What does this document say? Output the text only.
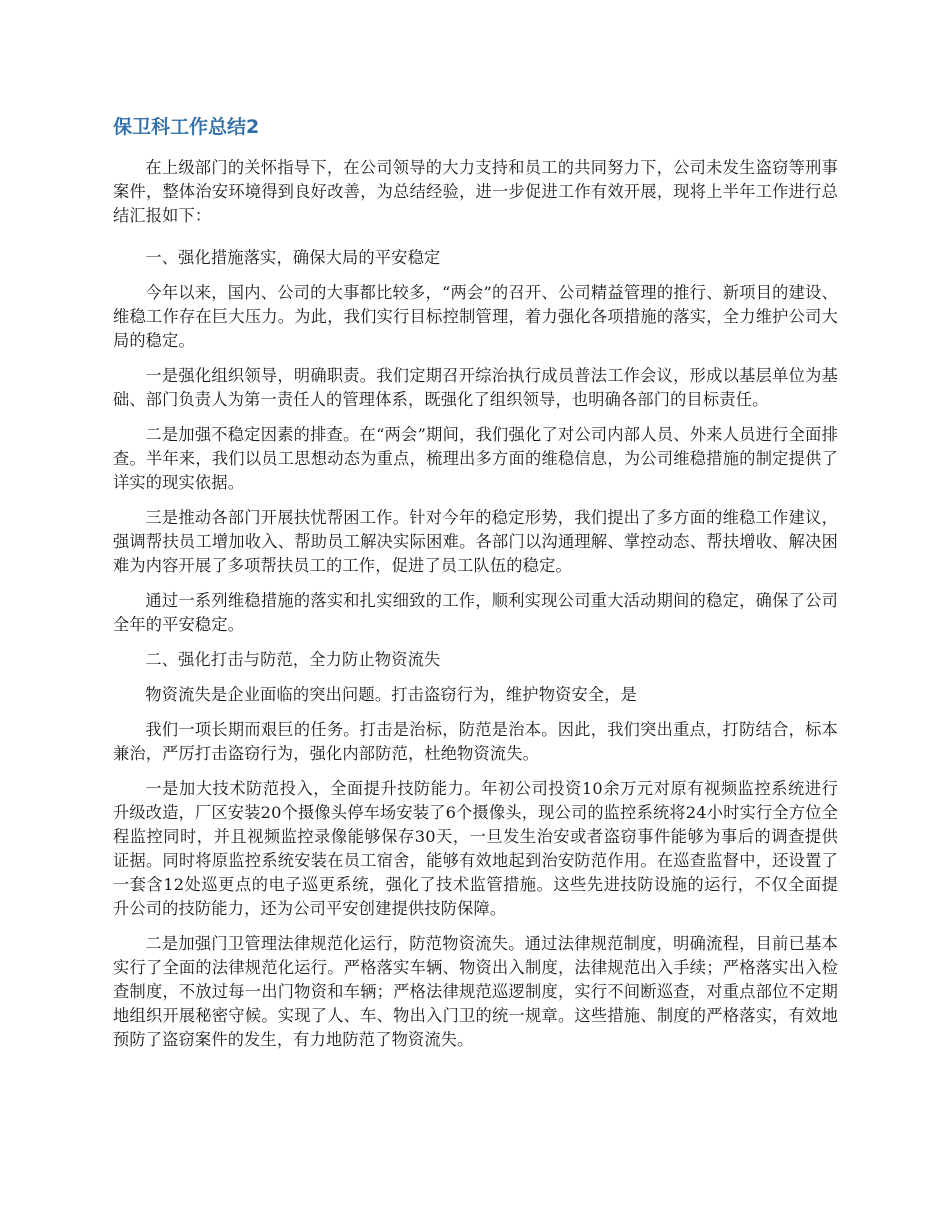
保卫科工作总结2

在上级部门的关怀指导下，在公司领导的大力支持和员工的共同努力下，公司未发生盗窃等刑事案件，整体治安环境得到良好改善，为总结经验，进一步促进工作有效开展，现将上半年工作进行总结汇报如下：

一、强化措施落实，确保大局的平安稳定

今年以来，国内、公司的大事都比较多，“两会”的召开、公司精益管理的推行、新项目的建设、维稳工作存在巨大压力。为此，我们实行目标控制管理，着力强化各项措施的落实，全力维护公司大局的稳定。

一是强化组织领导，明确职责。我们定期召开综治执行成员普法工作会议，形成以基层单位为基础、部门负责人为第一责任人的管理体系，既强化了组织领导，也明确各部门的目标责任。

二是加强不稳定因素的排查。在“两会”期间，我们强化了对公司内部人员、外来人员进行全面排查。半年来，我们以员工思想动态为重点，梳理出多方面的维稳信息，为公司维稳措施的制定提供了详实的现实依据。

三是推动各部门开展扶忧帮困工作。针对今年的稳定形势，我们提出了多方面的维稳工作建议，强调帮扶员工增加收入、帮助员工解决实际困难。各部门以沟通理解、掌控动态、帮扶增收、解决困难为内容开展了多项帮扶员工的工作，促进了员工队伍的稳定。

通过一系列维稳措施的落实和扎实细致的工作，顺利实现公司重大活动期间的稳定，确保了公司全年的平安稳定。

二、强化打击与防范，全力防止物资流失

物资流失是企业面临的突出问题。打击盗窃行为，维护物资安全，是

我们一项长期而艰巨的任务。打击是治标，防范是治本。因此，我们突出重点，打防结合，标本兼治，严厉打击盗窃行为，强化内部防范，杜绝物资流失。

一是加大技术防范投入，全面提升技防能力。年初公司投资10余万元对原有视频监控系统进行升级改造，厂区安装20个摄像头停车场安装了6个摄像头，现公司的监控系统将24小时实行全方位全程监控同时，并且视频监控录像能够保存30天，一旦发生治安或者盗窃事件能够为事后的调查提供证据。同时将原监控系统安装在员工宿舍，能够有效地起到治安防范作用。在巡查监督中，还设置了一套含12处巡更点的电子巡更系统，强化了技术监管措施。这些先进技防设施的运行，不仅全面提升公司的技防能力，还为公司平安创建提供技防保障。

二是加强门卫管理法律规范化运行，防范物资流失。通过法律规范制度，明确流程，目前已基本实行了全面的法律规范化运行。严格落实车辆、物资出入制度，法律规范出入手续；严格落实出入检查制度，不放过每一出门物资和车辆；严格法律规范巡逻制度，实行不间断巡查，对重点部位不定期地组织开展秘密守候。实现了人、车、物出入门卫的统一规章。这些措施、制度的严格落实，有效地预防了盗窃案件的发生，有力地防范了物资流失。
